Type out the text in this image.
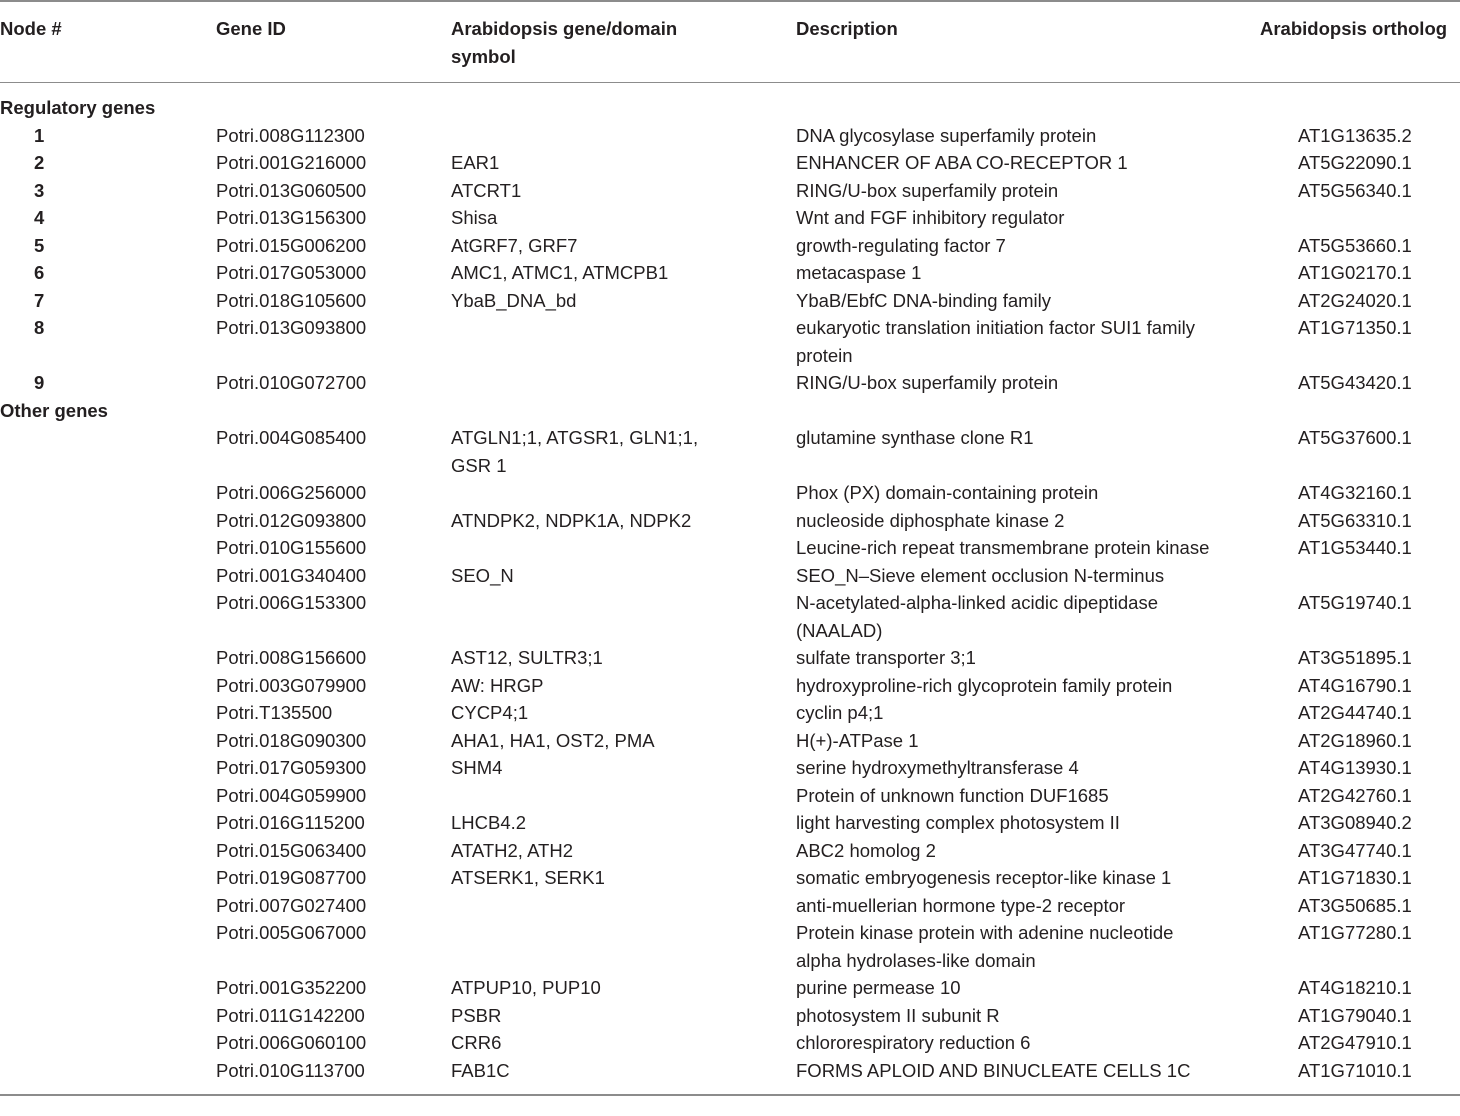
Node #	Gene ID	Arabidopsis gene/domain symbol	Description	Arabidopsis ortholog
Regulatory genes				
1	Potri.008G112300		DNA glycosylase superfamily protein	AT1G13635.2
2	Potri.001G216000	EAR1	ENHANCER OF ABA CO-RECEPTOR 1	AT5G22090.1
3	Potri.013G060500	ATCRT1	RING/U-box superfamily protein	AT5G56340.1
4	Potri.013G156300	Shisa	Wnt and FGF inhibitory regulator	
5	Potri.015G006200	AtGRF7, GRF7	growth-regulating factor 7	AT5G53660.1
6	Potri.017G053000	AMC1, ATMC1, ATMCPB1	metacaspase 1	AT1G02170.1
7	Potri.018G105600	YbaB_DNA_bd	YbaB/EbfC DNA-binding family	AT2G24020.1
8	Potri.013G093800		eukaryotic translation initiation factor SUI1 family protein	AT1G71350.1
9	Potri.010G072700		RING/U-box superfamily protein	AT5G43420.1
Other genes				
	Potri.004G085400	ATGLN1;1, ATGSR1, GLN1;1, GSR 1	glutamine synthase clone R1	AT5G37600.1
	Potri.006G256000		Phox (PX) domain-containing protein	AT4G32160.1
	Potri.012G093800	ATNDPK2, NDPK1A, NDPK2	nucleoside diphosphate kinase 2	AT5G63310.1
	Potri.010G155600		Leucine-rich repeat transmembrane protein kinase	AT1G53440.1
	Potri.001G340400	SEO_N	SEO_N–Sieve element occlusion N-terminus	
	Potri.006G153300		N-acetylated-alpha-linked acidic dipeptidase (NAALAD)	AT5G19740.1
	Potri.008G156600	AST12, SULTR3;1	sulfate transporter 3;1	AT3G51895.1
	Potri.003G079900	AW: HRGP	hydroxyproline-rich glycoprotein family protein	AT4G16790.1
	Potri.T135500	CYCP4;1	cyclin p4;1	AT2G44740.1
	Potri.018G090300	AHA1, HA1, OST2, PMA	H(+)-ATPase 1	AT2G18960.1
	Potri.017G059300	SHM4	serine hydroxymethyltransferase 4	AT4G13930.1
	Potri.004G059900		Protein of unknown function DUF1685	AT2G42760.1
	Potri.016G115200	LHCB4.2	light harvesting complex photosystem II	AT3G08940.2
	Potri.015G063400	ATATH2, ATH2	ABC2 homolog 2	AT3G47740.1
	Potri.019G087700	ATSERK1, SERK1	somatic embryogenesis receptor-like kinase 1	AT1G71830.1
	Potri.007G027400		anti-muellerian hormone type-2 receptor	AT3G50685.1
	Potri.005G067000		Protein kinase protein with adenine nucleotide alpha hydrolases-like domain	AT1G77280.1
	Potri.001G352200	ATPUP10, PUP10	purine permease 10	AT4G18210.1
	Potri.011G142200	PSBR	photosystem II subunit R	AT1G79040.1
	Potri.006G060100	CRR6	chlororespiratory reduction 6	AT2G47910.1
	Potri.010G113700	FAB1C	FORMS APLOID AND BINUCLEATE CELLS 1C	AT1G71010.1
